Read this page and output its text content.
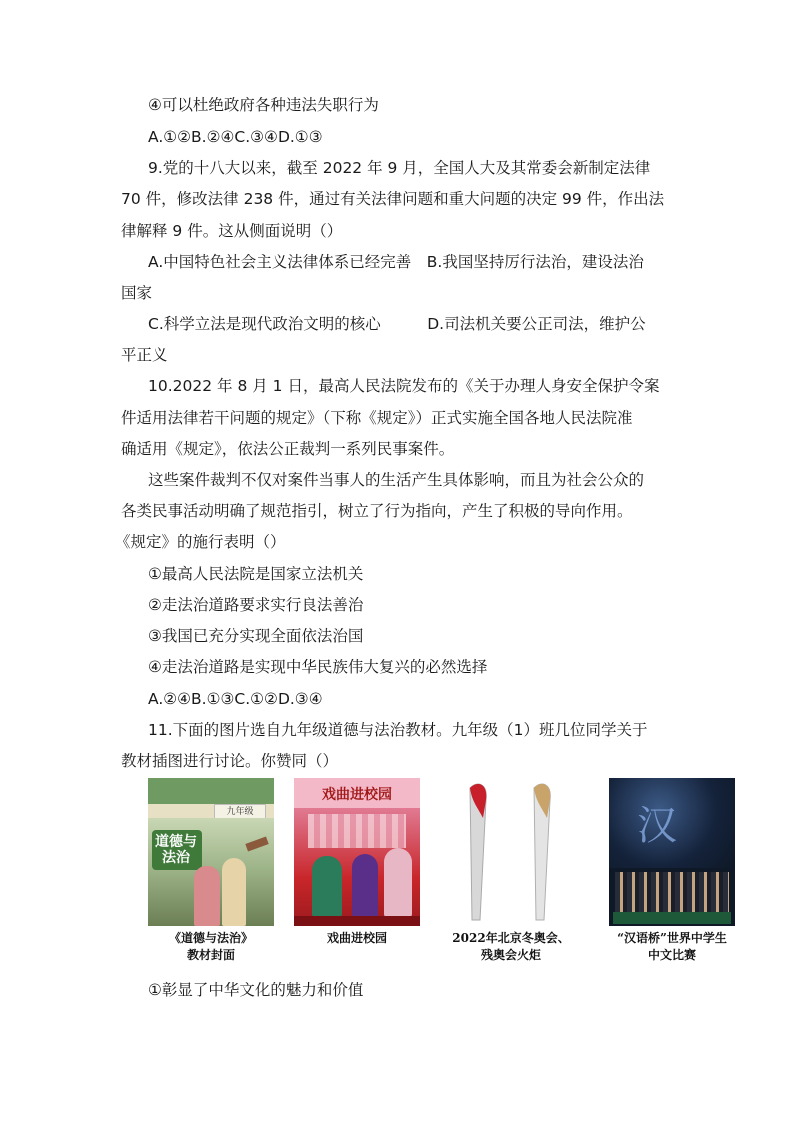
④可以杜绝政府各种违法失职行为
A.①②B.②④C.③④D.①③
9.党的十八大以来，截至 2022 年 9 月，全国人大及其常委会新制定法律
70 件，修改法律 238 件，通过有关法律问题和重大问题的决定 99 件，作出法
律解释 9 件。这从侧面说明（）
A.中国特色社会主义法律体系已经完善　B.我国坚持厉行法治，建设法治
国家
C.科学立法是现代政治文明的核心　　　D.司法机关要公正司法，维护公
平正义
10.2022 年 8 月 1 日，最高人民法院发布的《关于办理人身安全保护令案
件适用法律若干问题的规定》（下称《规定》）正式实施全国各地人民法院准
确适用《规定》，依法公正裁判一系列民事案件。
这些案件裁判不仅对案件当事人的生活产生具体影响，而且为社会公众的
各类民事活动明确了规范指引，树立了行为指向，产生了积极的导向作用。
《规定》的施行表明（）
①最高人民法院是国家立法机关
②走法治道路要求实行良法善治
③我国已充分实现全面依法治国
④走法治道路是实现中华民族伟大复兴的必然选择
A.②④B.①③C.①②D.③④
11.下面的图片选自九年级道德与法治教材。九年级（1）班几位同学关于
教材插图进行讨论。你赞同（）
九年级
道德与法治
戏曲进校园
汉
《道德与法治》
教材封面
戏曲进校园	2022年北京冬奥会、
残奥会火炬
“汉语桥”世界中学生
中文比赛
①彰显了中华文化的魅力和价值
